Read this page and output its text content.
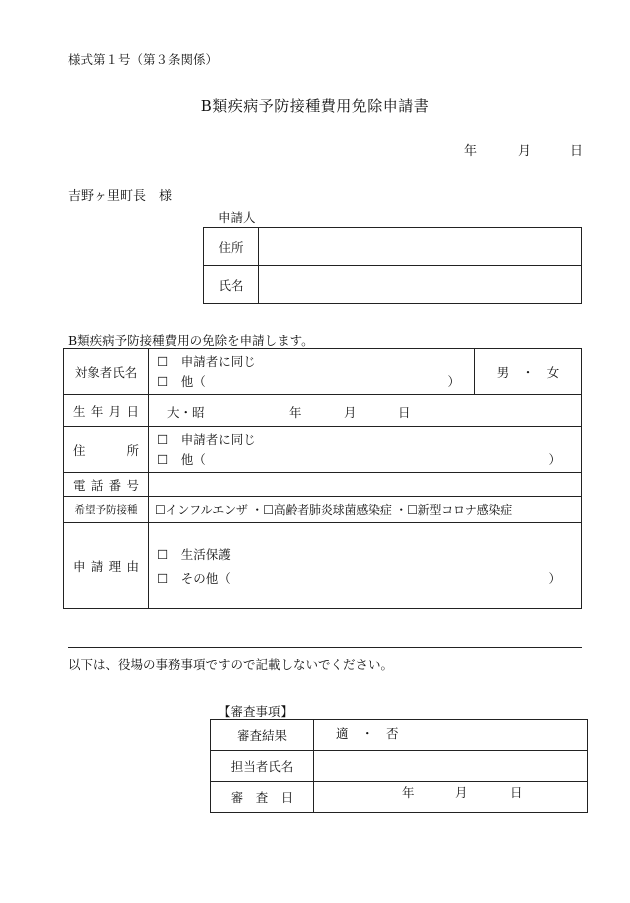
様式第１号（第３条関係）
B類疾病予防接種費用免除申請書
年	月	日
吉野ヶ里町長　様
申請人
住所	
氏名	
B類疾病予防接種費用の免除を申請します。
対象者氏名	☐　申請者に同じ
☐　他（ ）	男　・　女
生年月日	大・昭 年 月 日	

住　所	☐　申請者に同じ
☐　他（ ）	

電話番号		
希望予防接種	☐インフルエンザ ・☐高齢者肺炎球菌感染症 ・☐新型コロナ感染症	
申請理由	☐　生活保護
☐　その他（ ）	
以下は、役場の事務事項ですので記載しないでください。
【審査事項】
審査結果	適　・　否
担当者氏名	
審　査　日	年 月 日
